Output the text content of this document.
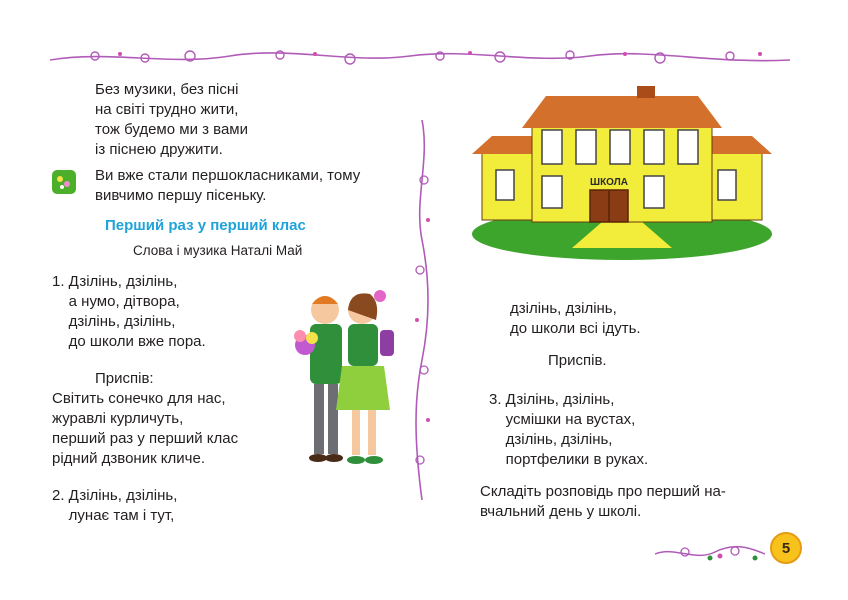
Без музики, без пісні
на світі трудно жити,
тож будемо ми з вами
із піснею дружити.
Ви вже стали першокласниками, тому
вивчимо першу пісеньку.
Перший раз у перший клас
Слова і музика Наталі Май
1. Дзілінь, дзілінь,
а нумо, дітвора,
дзілінь, дзілінь,
до школи вже пора.
Приспів:
Світить сонечко для нас,
журавлі курличуть,
перший раз у перший клас
рідний дзвоник кличе.
2. Дзілінь, дзілінь,
лунає там і тут,
ШКОЛА
дзілінь, дзілінь,
до школи всі ідуть.
Приспів.
3. Дзілінь, дзілінь,
усмішки на вустах,
дзілінь, дзілінь,
портфелики в руках.
Складіть розповідь про перший на-
вчальний день у школі.
5
